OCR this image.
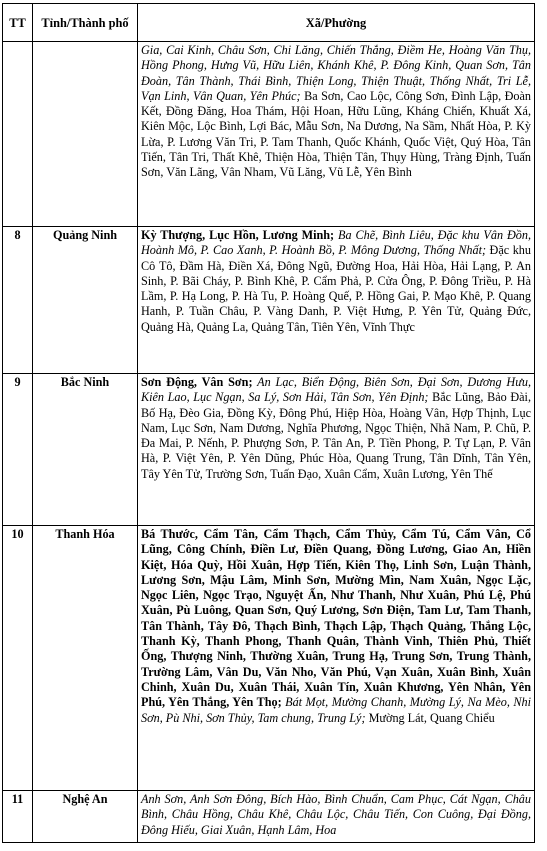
TT	Tỉnh/Thành phố	Xã/Phường
		Gia, Cai Kinh, Châu Sơn, Chi Lăng, Chiến Thắng, Điềm He, Hoàng Văn Thụ, Hồng Phong, Hưng Vũ, Hữu Liên, Khánh Khê, P. Đông Kinh, Quan Sơn, Tân Đoàn, Tân Thành, Thái Bình, Thiện Long, Thiện Thuật, Thống Nhất, Tri Lễ, Vạn Linh, Vân Quan, Yên Phúc; Ba Sơn, Cao Lộc, Công Sơn, Đình Lập, Đoàn Kết, Đồng Đăng, Hoa Thám, Hội Hoan, Hữu Lũng, Kháng Chiến, Khuất Xá, Kiên Mộc, Lộc Bình, Lợi Bác, Mẫu Sơn, Na Dương, Na Sầm, Nhất Hòa, P. Kỳ Lừa, P. Lương Văn Tri, P. Tam Thanh, Quốc Khánh, Quốc Việt, Quý Hòa, Tân Tiến, Tân Tri, Thất Khê, Thiện Hòa, Thiện Tân, Thụy Hùng, Tràng Định, Tuấn Sơn, Văn Lãng, Vân Nham, Vũ Lăng, Vũ Lễ, Yên Bình
8	Quảng Ninh	Kỳ Thượng, Lục Hồn, Lương Minh; Ba Chẽ, Bình Liêu, Đặc khu Vân Đồn, Hoành Mô, P. Cao Xanh, P. Hoành Bồ, P. Mông Dương, Thống Nhất; Đặc khu Cô Tô, Đầm Hà, Điền Xá, Đông Ngũ, Đường Hoa, Hải Hòa, Hải Lạng, P. An Sinh, P. Bãi Cháy, P. Bình Khê, P. Cẩm Phả, P. Cửa Ông, P. Đông Triều, P. Hà Lầm, P. Hạ Long, P. Hà Tu, P. Hoàng Quế, P. Hồng Gai, P. Mạo Khê, P. Quang Hanh, P. Tuần Châu, P. Vàng Danh, P. Việt Hưng, P. Yên Tử, Quảng Đức, Quảng Hà, Quảng La, Quảng Tân, Tiên Yên, Vĩnh Thực
9	Bắc Ninh	Sơn Động, Vân Sơn; An Lạc, Biển Động, Biên Sơn, Đại Sơn, Dương Hưu, Kiên Lao, Lục Ngạn, Sa Lý, Sơn Hải, Tân Sơn, Yên Định; Bắc Lũng, Bảo Đài, Bố Hạ, Đèo Gia, Đồng Kỳ, Đông Phú, Hiệp Hòa, Hoàng Vân, Hợp Thịnh, Lục Nam, Lục Sơn, Nam Dương, Nghĩa Phương, Ngọc Thiện, Nhã Nam, P. Chũ, P. Đa Mai, P. Nếnh, P. Phượng Sơn, P. Tân An, P. Tiền Phong, P. Tự Lạn, P. Vân Hà, P. Việt Yên, P. Yên Dũng, Phúc Hòa, Quang Trung, Tân Dĩnh, Tân Yên, Tây Yên Tử, Trường Sơn, Tuấn Đạo, Xuân Cẩm, Xuân Lương, Yên Thế
10	Thanh Hóa	Bá Thước, Cẩm Tân, Cẩm Thạch, Cẩm Thủy, Cẩm Tú, Cẩm Vân, Cổ Lũng, Công Chính, Điền Lư, Điền Quang, Đồng Lương, Giao An, Hiền Kiệt, Hóa Quỳ, Hồi Xuân, Hợp Tiến, Kiên Thọ, Linh Sơn, Luận Thành, Lương Sơn, Mậu Lâm, Minh Sơn, Mường Mìn, Nam Xuân, Ngọc Lặc, Ngọc Liên, Ngọc Trạo, Nguyệt Ấn, Như Thanh, Như Xuân, Phú Lệ, Phú Xuân, Pù Luông, Quan Sơn, Quý Lương, Sơn Điện, Tam Lư, Tam Thanh, Tân Thành, Tây Đô, Thạch Bình, Thạch Lập, Thạch Quảng, Thắng Lộc, Thanh Kỳ, Thanh Phong, Thanh Quân, Thành Vinh, Thiên Phủ, Thiết Ống, Thượng Ninh, Thường Xuân, Trung Hạ, Trung Sơn, Trung Thành, Trường Lâm, Vân Du, Văn Nho, Văn Phú, Vạn Xuân, Xuân Bình, Xuân Chinh, Xuân Du, Xuân Thái, Xuân Tín, Xuân Khương, Yên Nhân, Yên Phú, Yên Thắng, Yên Thọ; Bát Mọt, Mường Chanh, Mường Lý, Na Mèo, Nhi Sơn, Pù Nhi, Sơn Thủy, Tam chung, Trung Lý; Mường Lát, Quang Chiểu
11	Nghệ An	Anh Sơn, Anh Sơn Đông, Bích Hào, Bình Chuẩn, Cam Phục, Cát Ngạn, Châu Bình, Châu Hồng, Châu Khê, Châu Lộc, Châu Tiến, Con Cuông, Đại Đồng, Đông Hiếu, Giai Xuân, Hạnh Lâm, Hoa
